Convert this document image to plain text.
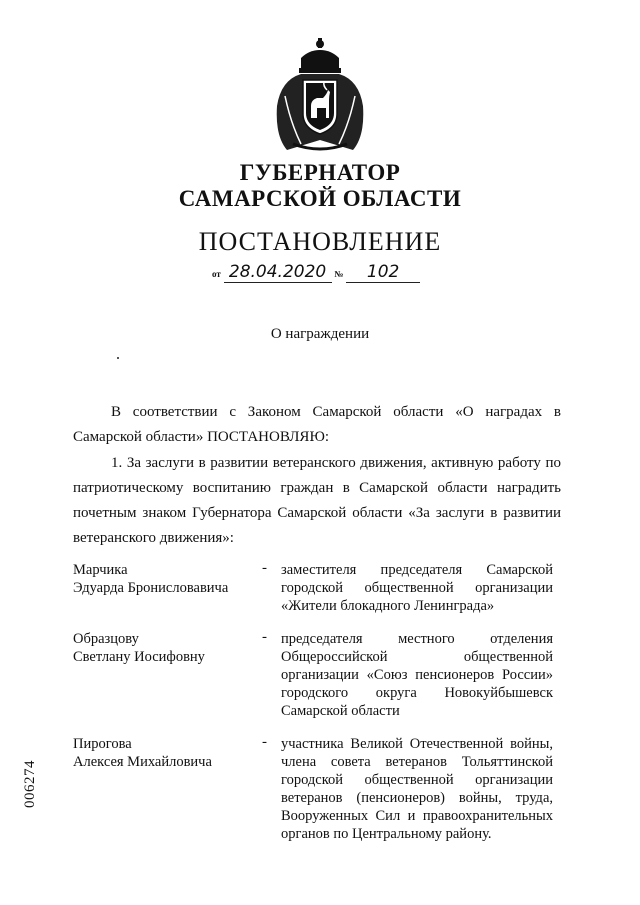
ГУБЕРНАТОР
САМАРСКОЙ ОБЛАСТИ
ПОСТАНОВЛЕНИЕ
от 28.04.2020 № 102
О награждении
В соответствии с Законом Самарской области «О наградах в Самарской области» ПОСТАНОВЛЯЮ:
1. За заслуги в развитии ветеранского движения, активную работу по патриотическому воспитанию граждан в Самарской области наградить почетным знаком Губернатора Самарской области «За заслуги в развитии ветеранского движения»:
Марчика
Эдуарда Бронисловавича
- заместителя председателя Самарской
городской общественной организации
«Жители блокадного Ленинграда»
Образцову
Светлану Иосифовну
- председателя местного отделения
Общероссийской общественной
организации «Союз пенсионеров России»
городского округа Новокуйбышевск
Самарской области
Пирогова
Алексея Михайловича
- участника Великой Отечественной войны,
члена совета ветеранов Тольяттинской
городской общественной организации
ветеранов (пенсионеров) войны, труда,
Вооруженных Сил и правоохранительных
органов по Центральному району.
006274
